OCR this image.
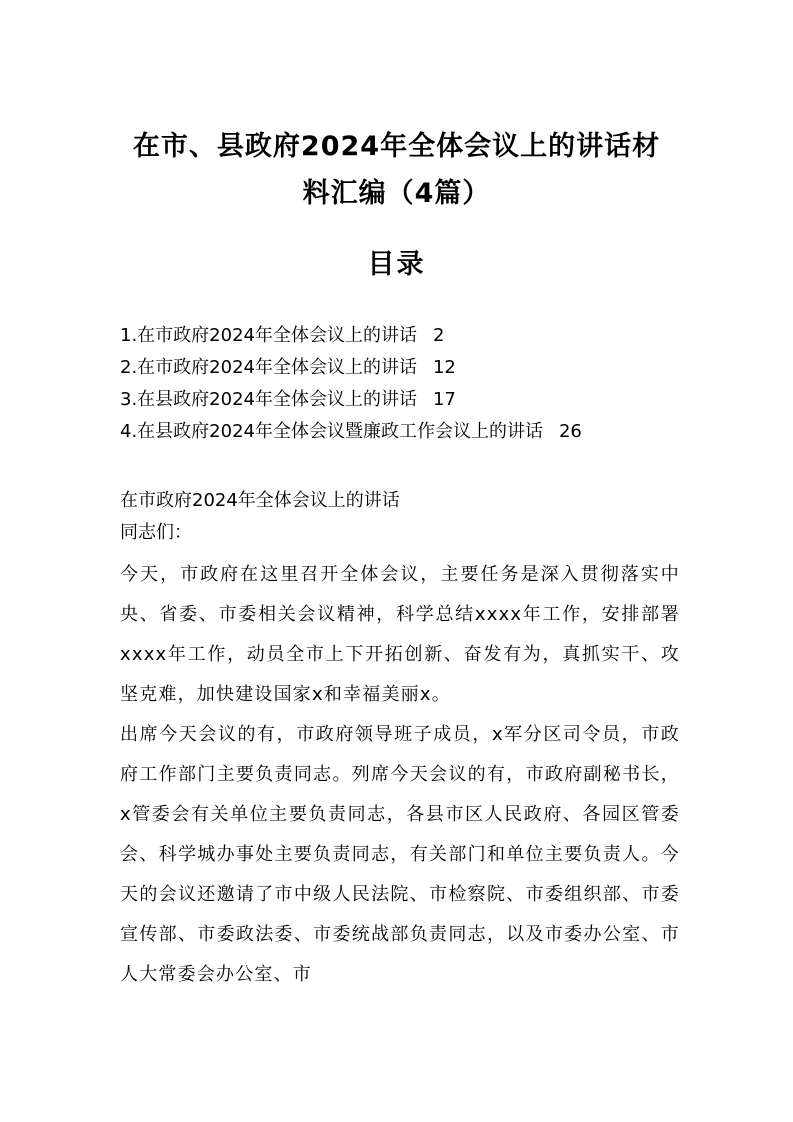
在市、县政府2024年全体会议上的讲话材
料汇编（4篇）
目录
1.在市政府2024年全体会议上的讲话 2
2.在市政府2024年全体会议上的讲话 12
3.在县政府2024年全体会议上的讲话 17
4.在县政府2024年全体会议暨廉政工作会议上的讲话 26
在市政府2024年全体会议上的讲话
同志们：

今天，市政府在这里召开全体会议，主要任务是深入贯彻落实中央、省委、市委相关会议精神，科学总结xxxx年工作，安排部署xxxx年工作，动员全市上下开拓创新、奋发有为，真抓实干、攻坚克难，加快建设国家x和幸福美丽x。

出席今天会议的有，市政府领导班子成员，x军分区司令员，市政府工作部门主要负责同志。列席今天会议的有，市政府副秘书长，x管委会有关单位主要负责同志，各县市区人民政府、各园区管委会、科学城办事处主要负责同志，有关部门和单位主要负责人。今天的会议还邀请了市中级人民法院、市检察院、市委组织部、市委宣传部、市委政法委、市委统战部负责同志，以及市委办公室、市人大常委会办公室、市
